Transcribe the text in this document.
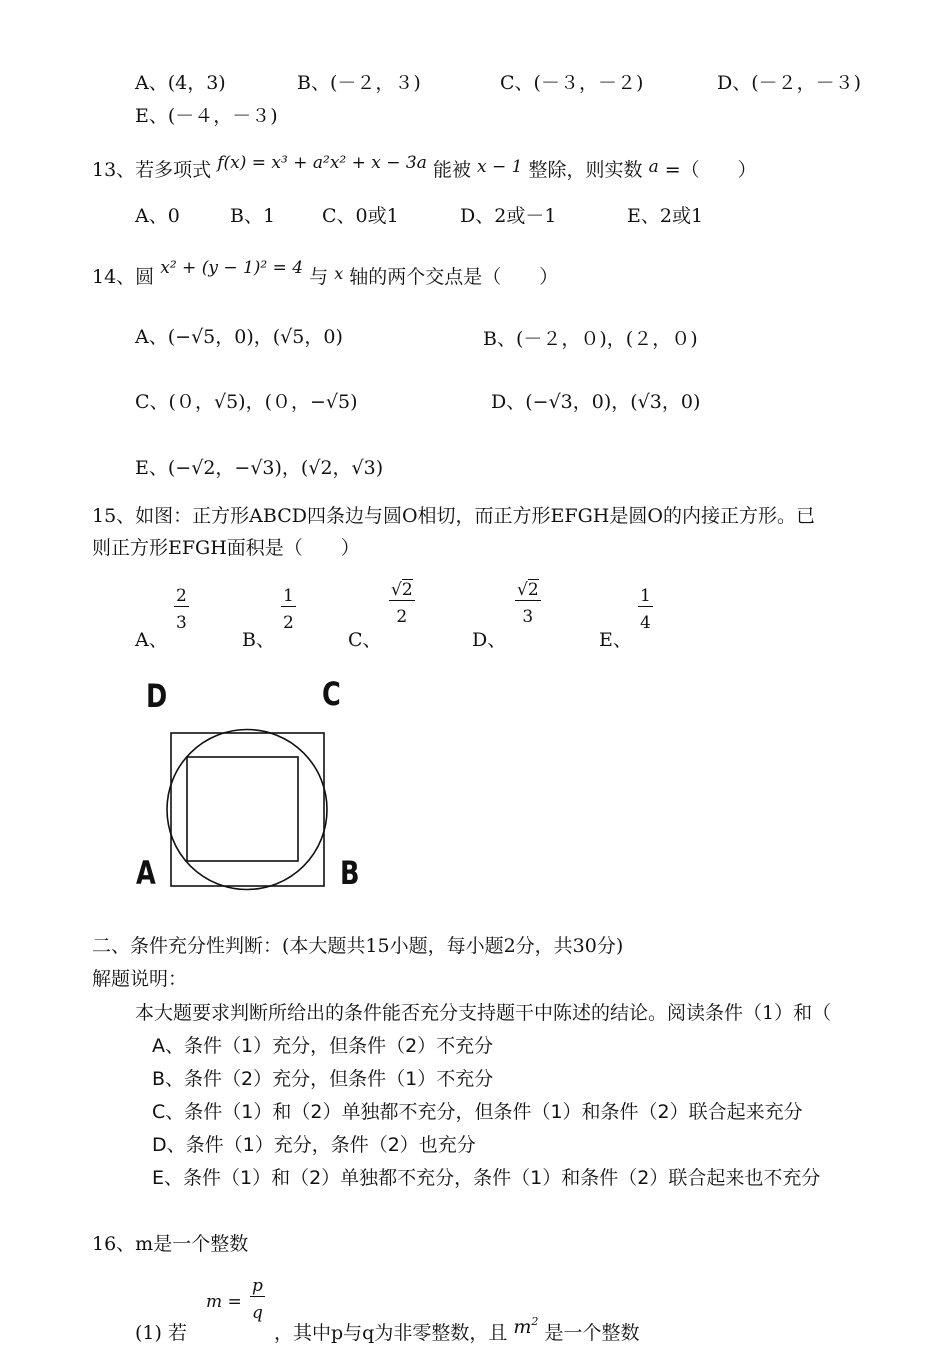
A、(4，3)	B、(－２，３)	C、(－３，－２)	D、(－２，－３)
E、(－４，－３)
13、若多项式 f(x) = x³ + a²x² + x − 3a 能被 x − 1 整除，则实数 a =（　　）
A、0	B、1 C、0或1	D、2或－1	E、2或1
14、圆 x² + (y − 1)² = 4 与 $^x$ 轴的两个交点是（　　）
A、(−√5，0)，(√5，0)	B、(－２，０)，(２，０)
C、(０，√5)，(０，−√5)	D、(−√3，0)，(√3，0)
E、(−√2，−√3)，(√2，√3)
15、如图：正方形ABCD四条边与圆O相切，而正方形EFGH是圆O的内接正方形。已
则正方形EFGH面积是（　　）
A、
$\frac{2}{3}$
B、
$\frac{1}{2}$
C、
$\frac{√2}{2}$
D、
$\frac{√2}{3}$
E、
$\frac{1}{4}$
D	C
A	B
二、条件充分性判断：(本大题共15小题，每小题2分，共30分)
解题说明：
本大题要求判断所给出的条件能否充分支持题干中陈述的结论。阅读条件（1）和（
A、条件（1）充分，但条件（2）不充分
B、条件（2）充分，但条件（1）不充分
C、条件（1）和（2）单独都不充分，但条件（1）和条件（2）联合起来充分
D、条件（1）充分，条件（2）也充分
E、条件（1）和（2）单独都不充分，条件（1）和条件（2）联合起来也不充分
16、m是一个整数
(1) 若
$m = \frac{p}{q}$
，其中p与q为非零整数，且 $m^2$ 是一个整数
